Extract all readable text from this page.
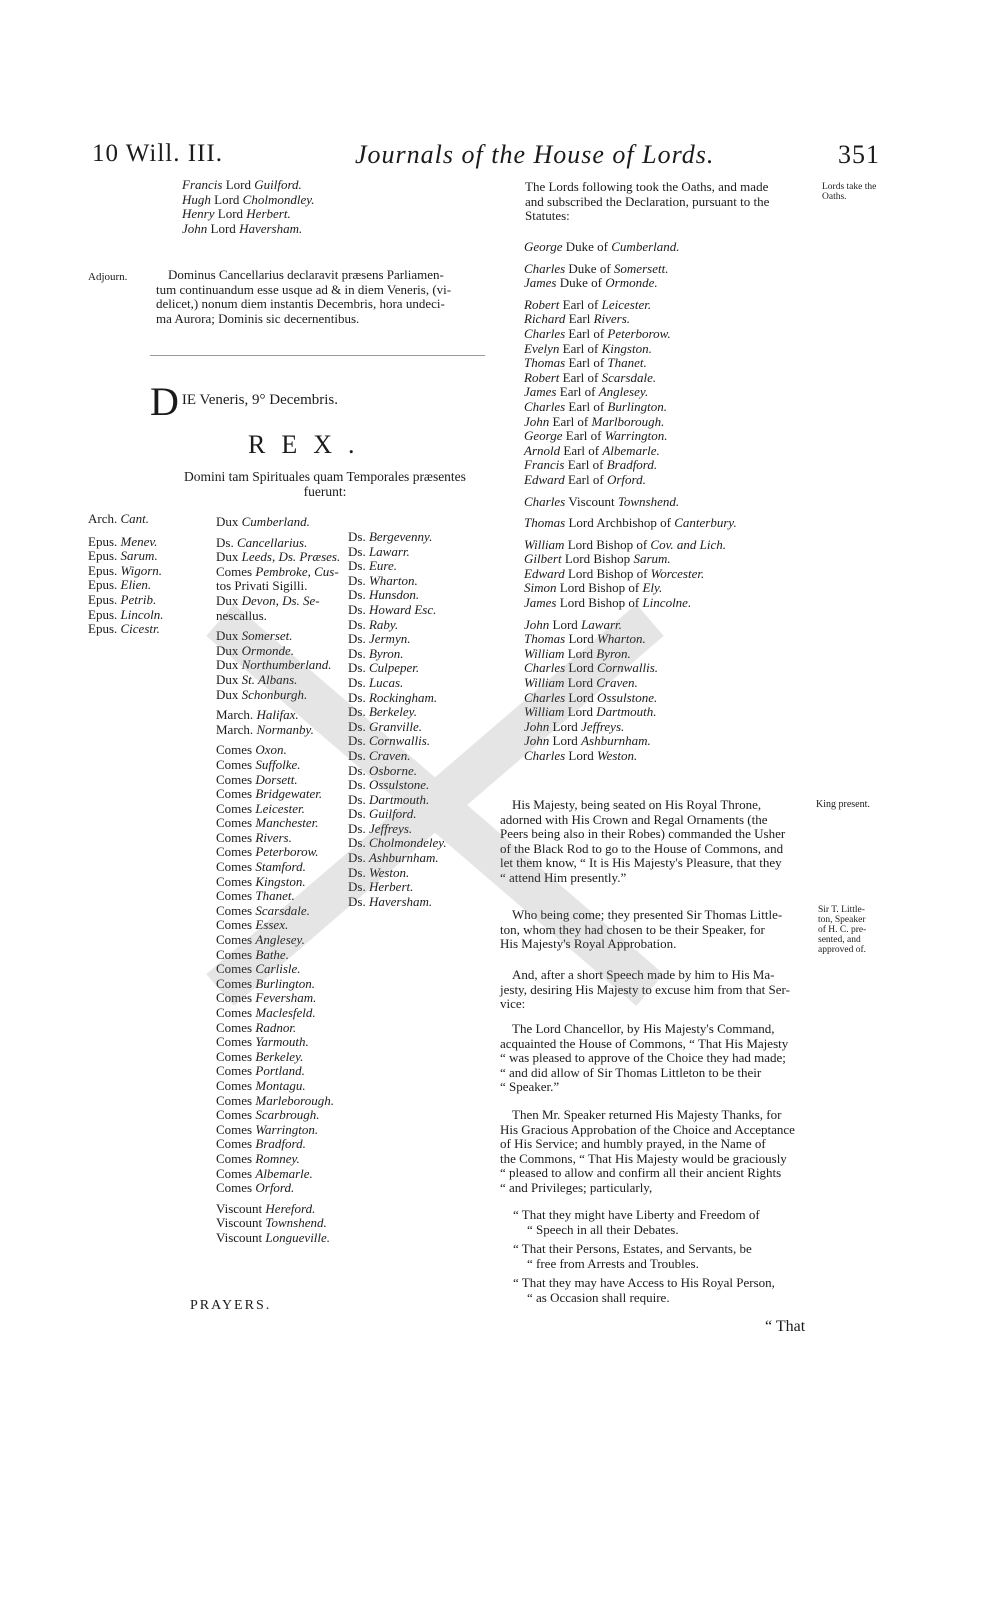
10 Will. III.	Journals of the House of Lords.	351
Francis Lord Guilford.
Hugh Lord Cholmondley.
Henry Lord Herbert.
John Lord Haversham.
Adjourn.	Dominus Cancellarius declaravit præsens Parliamen-
tum continuandum esse usque ad & in diem Veneris, (vi-
delicet,) nonum diem instantis Decembris, hora undeci-
ma Aurora; Dominis sic decernentibus.
D IE Veneris, 9° Decembris.
REX.
Domini tam Spirituales quam Temporales præsentes
fuerunt:
Arch. Cant.
Epus. Menev.
Epus. Sarum.
Epus. Wigorn.
Epus. Elien.
Epus. Petrib.
Epus. Lincoln.
Epus. Cicestr.
Dux Cumberland.

Ds. Cancellarius.
Dux Leeds, Ds. Præses.
Comes Pembroke, Cus-
tos Privati Sigilli.
Dux Devon, Ds. Se-
nescallus.

Dux Somerset.
Dux Ormonde.
Dux Northumberland.
Dux St. Albans.
Dux Schonburgh.

March. Halifax.
March. Normanby.

Comes Oxon.
Comes Suffolke.
Comes Dorsett.
Comes Bridgewater.
Comes Leicester.
Comes Manchester.
Comes Rivers.
Comes Peterborow.
Comes Stamford.
Comes Kingston.
Comes Thanet.
Comes Scarsdale.
Comes Essex.
Comes Anglesey.
Comes Bathe.
Comes Carlisle.
Comes Burlington.
Comes Feversham.
Comes Maclesfeld.
Comes Radnor.
Comes Yarmouth.
Comes Berkeley.
Comes Portland.
Comes Montagu.
Comes Marleborough.
Comes Scarbrough.
Comes Warrington.
Comes Bradford.
Comes Romney.
Comes Albemarle.
Comes Orford.

Viscount Hereford.
Viscount Townshend.
Viscount Longueville.
Ds. Bergevenny.
Ds. Lawarr.
Ds. Eure.
Ds. Wharton.
Ds. Hunsdon.
Ds. Howard Esc.
Ds. Raby.
Ds. Jermyn.
Ds. Byron.
Ds. Culpeper.
Ds. Lucas.
Ds. Rockingham.
Ds. Berkeley.
Ds. Granville.
Ds. Cornwallis.
Ds. Craven.
Ds. Osborne.
Ds. Ossulstone.
Ds. Dartmouth.
Ds. Guilford.
Ds. Jeffreys.
Ds. Cholmondeley.
Ds. Ashburnham.
Ds. Weston.
Ds. Herbert.
Ds. Haversham.
PRAYERS.
Lords take the Oaths.
The Lords following took the Oaths, and made
and subscribed the Declaration, pursuant to the
Statutes:
George Duke of Cumberland.
Charles Duke of Somersett.
James Duke of Ormonde.
Robert Earl of Leicester.
Richard Earl Rivers.
Charles Earl of Peterborow.
Evelyn Earl of Kingston.
Thomas Earl of Thanet.
Robert Earl of Scarsdale.
James Earl of Anglesey.
Charles Earl of Burlington.
John Earl of Marlborough.
George Earl of Warrington.
Arnold Earl of Albemarle.
Francis Earl of Bradford.
Edward Earl of Orford.
Charles Viscount Townshend.
Thomas Lord Archbishop of Canterbury.
William Lord Bishop of Cov. and Lich.
Gilbert Lord Bishop Sarum.
Edward Lord Bishop of Worcester.
Simon Lord Bishop of Ely.
James Lord Bishop of Lincolne.
John Lord Lawarr.
Thomas Lord Wharton.
William Lord Byron.
Charles Lord Cornwallis.
William Lord Craven.
Charles Lord Ossulstone.
William Lord Dartmouth.
John Lord Jeffreys.
John Lord Ashburnham.
Charles Lord Weston.
King present.
His Majesty, being seated on His Royal Throne,
adorned with His Crown and Regal Ornaments (the
Peers being also in their Robes) commanded the Usher
of the Black Rod to go to the House of Commons, and
let them know, “ It is His Majesty's Pleasure, that they
“ attend Him presently.”
Sir T. Little-
ton, Speaker
of H. C. pre-
sented, and
approved of.
Who being come; they presented Sir Thomas Little-
ton, whom they had chosen to be their Speaker, for
His Majesty's Royal Approbation.
And, after a short Speech made by him to His Ma-
jesty, desiring His Majesty to excuse him from that Ser-
vice:
The Lord Chancellor, by His Majesty's Command,
acquainted the House of Commons, “ That His Majesty
“ was pleased to approve of the Choice they had made;
“ and did allow of Sir Thomas Littleton to be their
“ Speaker.”
Then Mr. Speaker returned His Majesty Thanks, for
His Gracious Approbation of the Choice and Acceptance
of His Service; and humbly prayed, in the Name of
the Commons, “ That His Majesty would be graciously
“ pleased to allow and confirm all their ancient Rights
“ and Privileges; particularly,
“ That they might have Liberty and Freedom of
“ Speech in all their Debates.
“ That their Persons, Estates, and Servants, be
“ free from Arrests and Troubles.
“ That they may have Access to His Royal Person,
“ as Occasion shall require.
“ That
